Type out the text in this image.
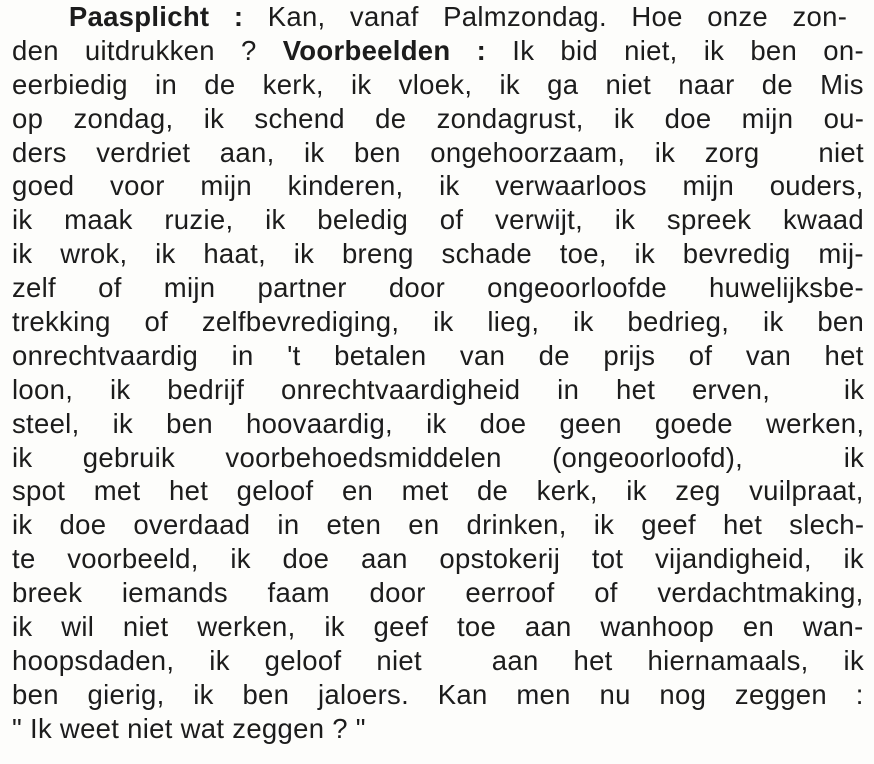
Paasplicht : Kan, vanaf Palmzondag. Hoe onze zon-
den uitdrukken ? Voorbeelden : Ik bid niet, ik ben on-
eerbiedig in de kerk, ik vloek, ik ga niet naar de Mis
op zondag, ik schend de zondagrust, ik doe mijn ou-
ders verdriet aan, ik ben ongehoorzaam, ik zorg  niet
goed voor mijn kinderen, ik verwaarloos mijn ouders,
ik maak ruzie, ik beledig of verwijt, ik spreek kwaad
ik wrok, ik haat, ik breng schade toe, ik bevredig mij-
zelf of mijn partner door ongeoorloofde huwelijksbe-
trekking of zelfbevrediging, ik lieg, ik bedrieg, ik ben
onrechtvaardig in 't betalen van de prijs of van het
loon, ik bedrijf onrechtvaardigheid in het erven,  ik
steel, ik ben hoovaardig, ik doe geen goede werken,
ik gebruik voorbehoedsmiddelen (ongeoorloofd),  ik
spot met het geloof en met de kerk, ik zeg vuilpraat,
ik doe overdaad in eten en drinken, ik geef het slech-
te voorbeeld, ik doe aan opstokerij tot vijandigheid, ik
breek iemands faam door eerroof of verdachtmaking,
ik wil niet werken, ik geef toe aan wanhoop en wan-
hoopsdaden, ik geloof niet  aan het hiernamaals, ik
ben gierig, ik ben jaloers. Kan men nu nog zeggen :
" Ik weet niet wat zeggen ? "
